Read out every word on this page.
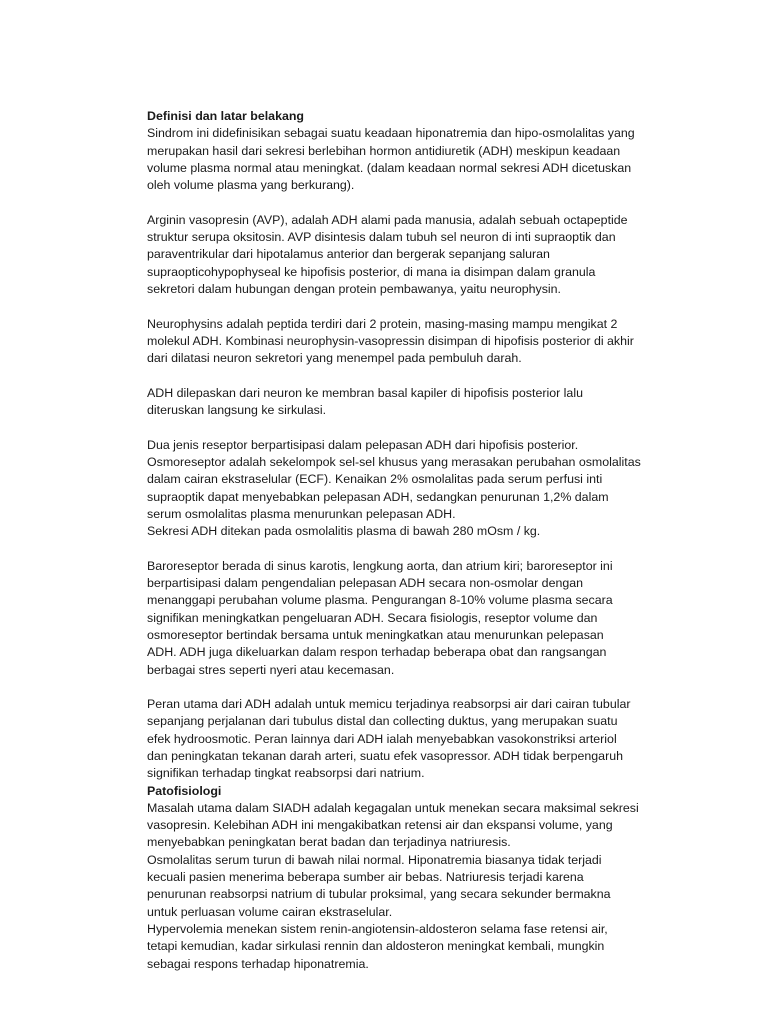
Definisi dan latar belakang
Sindrom ini didefinisikan sebagai suatu keadaan hiponatremia dan hipo-osmolalitas yang
merupakan hasil dari sekresi berlebihan hormon antidiuretik (ADH) meskipun keadaan
volume plasma normal atau meningkat. (dalam keadaan normal sekresi ADH dicetuskan
oleh volume plasma yang berkurang).
Arginin vasopresin (AVP), adalah ADH alami pada manusia, adalah sebuah octapeptide
struktur serupa oksitosin. AVP disintesis dalam tubuh sel neuron di inti supraoptik dan
paraventrikular dari hipotalamus anterior dan bergerak sepanjang saluran
supraopticohypophyseal ke hipofisis posterior, di mana ia disimpan dalam granula
sekretori dalam hubungan dengan protein pembawanya, yaitu neurophysin.
Neurophysins adalah peptida terdiri dari 2 protein, masing-masing mampu mengikat 2
molekul ADH. Kombinasi neurophysin-vasopressin disimpan di hipofisis posterior di akhir
dari dilatasi neuron sekretori yang menempel pada pembuluh darah.
ADH dilepaskan dari neuron ke membran basal kapiler di hipofisis posterior lalu
diteruskan langsung ke sirkulasi.
Dua jenis reseptor berpartisipasi dalam pelepasan ADH dari hipofisis posterior.
Osmoreseptor adalah sekelompok sel-sel khusus yang merasakan perubahan osmolalitas
dalam cairan ekstraselular (ECF). Kenaikan 2% osmolalitas pada serum perfusi inti
supraoptik dapat menyebabkan pelepasan ADH, sedangkan penurunan 1,2% dalam
serum osmolalitas plasma menurunkan pelepasan ADH.
Sekresi ADH ditekan pada osmolalitis plasma di bawah 280 mOsm / kg.
Baroreseptor berada di sinus karotis, lengkung aorta, dan atrium kiri; baroreseptor ini
berpartisipasi dalam pengendalian pelepasan ADH secara non-osmolar dengan
menanggapi perubahan volume plasma. Pengurangan 8-10% volume plasma secara
signifikan meningkatkan pengeluaran ADH. Secara fisiologis, reseptor volume dan
osmoreseptor bertindak bersama untuk meningkatkan atau menurunkan pelepasan
ADH. ADH juga dikeluarkan dalam respon terhadap beberapa obat dan rangsangan
berbagai stres seperti nyeri atau kecemasan.
Peran utama dari ADH adalah untuk memicu terjadinya reabsorpsi air dari cairan tubular
sepanjang perjalanan dari tubulus distal dan collecting duktus, yang merupakan suatu
efek hydroosmotic. Peran lainnya dari ADH ialah menyebabkan vasokonstriksi arteriol
dan peningkatan tekanan darah arteri, suatu efek vasopressor. ADH tidak berpengaruh
signifikan terhadap tingkat reabsorpsi dari natrium.
Patofisiologi
Masalah utama dalam SIADH adalah kegagalan untuk menekan secara maksimal sekresi
vasopresin. Kelebihan ADH ini mengakibatkan retensi air dan ekspansi volume, yang
menyebabkan peningkatan berat badan dan terjadinya natriuresis.
Osmolalitas serum turun di bawah nilai normal. Hiponatremia biasanya tidak terjadi
kecuali pasien menerima beberapa sumber air bebas. Natriuresis terjadi karena
penurunan reabsorpsi natrium di tubular proksimal, yang secara sekunder bermakna
untuk perluasan volume cairan ekstraselular.
Hypervolemia menekan sistem renin-angiotensin-aldosteron selama fase retensi air,
tetapi kemudian, kadar sirkulasi rennin dan aldosteron meningkat kembali, mungkin
sebagai respons terhadap hiponatremia.
